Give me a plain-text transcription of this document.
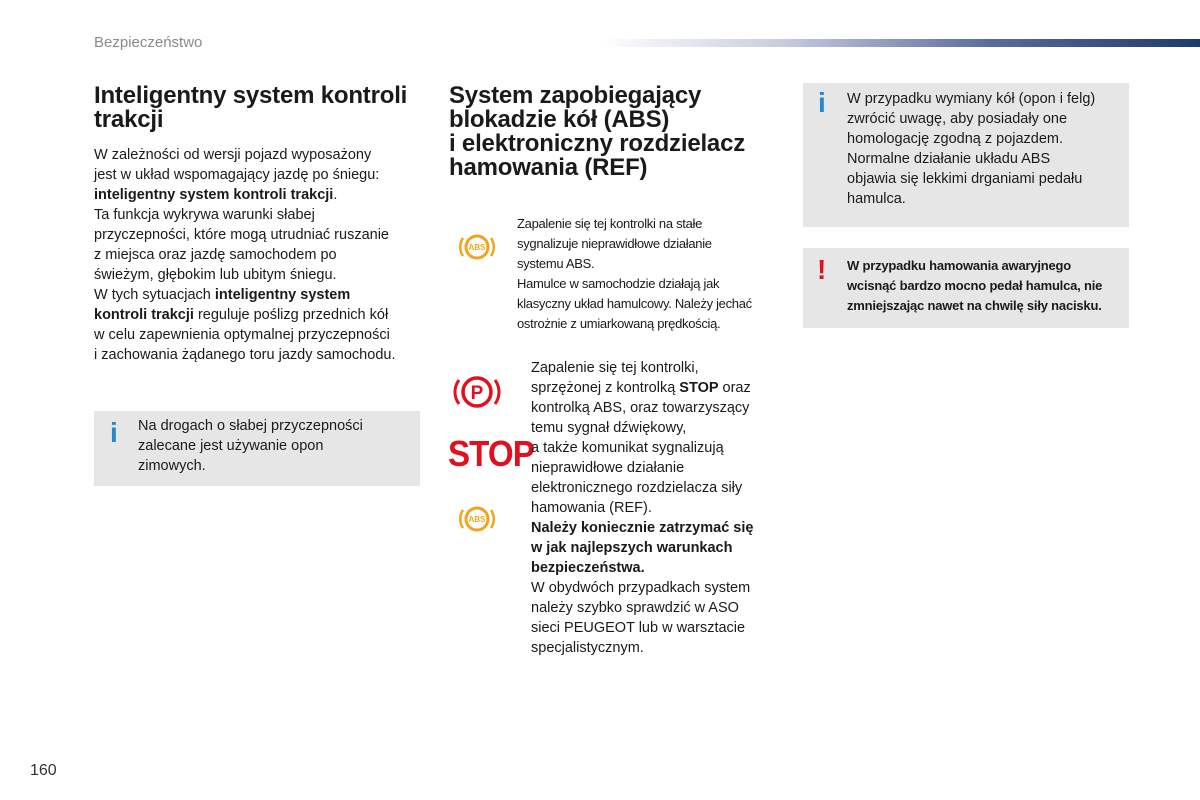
Bezpieczeństwo
Inteligentny system kontroli
trakcji

W zależności od wersji pojazd wyposażony
jest w układ wspomagający jazdę po śniegu:
inteligentny system kontroli trakcji.
Ta funkcja wykrywa warunki słabej
przyczepności, które mogą utrudniać ruszanie
z miejsca oraz jazdę samochodem po
świeżym, głębokim lub ubitym śniegu.
W tych sytuacjach inteligentny system
kontroli trakcji reguluje poślizg przednich kół
w celu zapewnienia optymalnej przyczepności
i zachowania żądanego toru jazdy samochodu.

i Na drogach o słabej przyczepności
zalecane jest używanie opon
zimowych.

System zapobiegający
blokadzie kół (ABS)
i elektroniczny rozdzielacz
hamowania (REF)
ABS

Zapalenie się tej kontrolki na stałe
sygnalizuje nieprawidłowe działanie
systemu ABS.
Hamulce w samochodzie działają jak
klasyczny układ hamulcowy. Należy jechać
ostrożnie z umiarkowaną prędkością.

P
STOP
ABS

Zapalenie się tej kontrolki,
sprzężonej z kontrolką STOP oraz
kontrolką ABS, oraz towarzyszący
temu sygnał dźwiękowy,
a także komunikat sygnalizują
nieprawidłowe działanie
elektronicznego rozdzielacza siły
hamowania (REF).
Należy koniecznie zatrzymać się
w jak najlepszych warunkach
bezpieczeństwa.
W obydwóch przypadkach system
należy szybko sprawdzić w ASO
sieci PEUGEOT lub w warsztacie
specjalistycznym.

i W przypadku wymiany kół (opon i felg)
zwrócić uwagę, aby posiadały one
homologację zgodną z pojazdem.
Normalne działanie układu ABS
objawia się lekkimi drganiami pedału
hamulca.

! W przypadku hamowania awaryjnego
wcisnąć bardzo mocno pedał hamulca, nie
zmniejszając nawet na chwilę siły nacisku.

160
